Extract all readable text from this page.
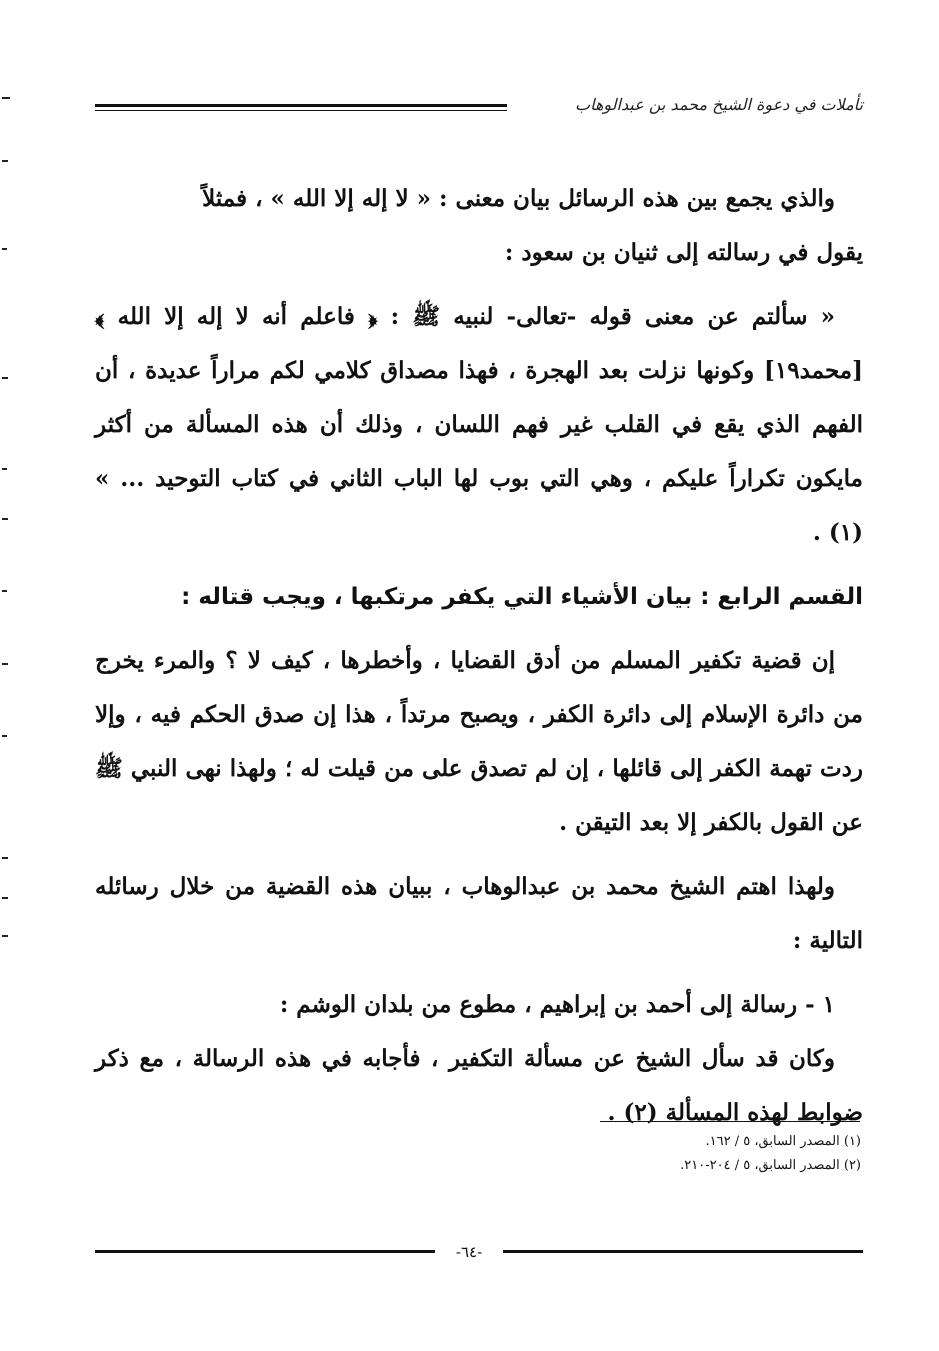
تأملات في دعوة الشيخ محمد بن عبدالوهاب

والذي يجمع بين هذه الرسائل بيان معنى : « لا إله إلا الله » ، فمثلاً

يقول في رسالته إلى ثنيان بن سعود :

« سألتم عن معنى قوله -تعالى- لنبيه ﷺ : ﴿ فاعلم أنه لا إله إلا الله ﴾ [محمد١٩] وكونها نزلت بعد الهجرة ، فهذا مصداق كلامي لكم مراراً عديدة ، أن الفهم الذي يقع في القلب غير فهم اللسان ، وذلك أن هذه المسألة من أكثر مايكون تكراراً عليكم ، وهي التي بوب لها الباب الثاني في كتاب التوحيد ... » (١) .

القسم الرابع : بيان الأشياء التي يكفر مرتكبها ، ويجب قتاله :

إن قضية تكفير المسلم من أدق القضايا ، وأخطرها ، كيف لا ؟ والمرء يخرج من دائرة الإسلام إلى دائرة الكفر ، ويصبح مرتداً ، هذا إن صدق الحكم فيه ، وإلا ردت تهمة الكفر إلى قائلها ، إن لم تصدق على من قيلت له ؛ ولهذا نهى النبي ﷺ عن القول بالكفر إلا بعد التيقن .

ولهذا اهتم الشيخ محمد بن عبدالوهاب ، ببيان هذه القضية من خلال رسائله التالية :

١ - رسالة إلى أحمد بن إبراهيم ، مطوع من بلدان الوشم :

وكان قد سأل الشيخ عن مسألة التكفير ، فأجابه في هذه الرسالة ، مع ذكر ضوابط لهذه المسألة (٢) .

(١) المصدر السابق، ٥ / ١٦٢.
(٢) المصدر السابق، ٥ / ٢٠٤-٢١٠.
-٦٤-
